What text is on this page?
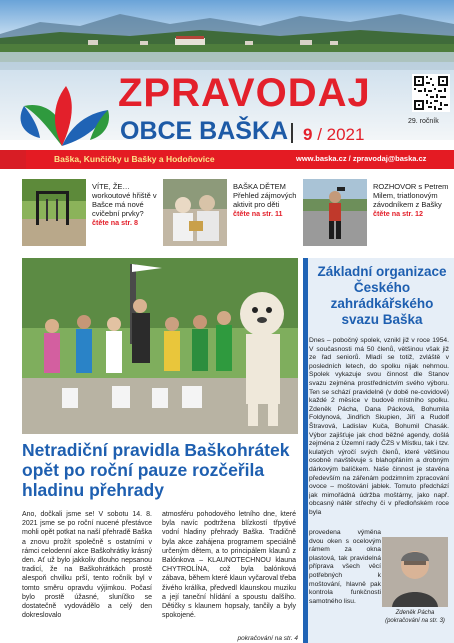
ZPRAVODAJ
OBCE BAŠKA 9 / 2021
29. ročník
Baška, Kunčičky u Bašky a Hodoňovice	www.baska.cz / zpravodaj@baska.cz
VÍTE, ŽE… workoutové hřiště v Bašce má nové cvičební prvky?
čtěte na str. 8
BAŠKA DĚTEM Přehled zájmových aktivit pro děti
čtěte na str. 11
ROZHOVOR s Petrem Milem, triatlonovým závodníkem z Bašky
čtěte na str. 12
Netradiční pravidla Baškohrátek opět po roční pauze rozčeřila hladinu přehrady
Ano, dočkali jsme se! V sobotu 14. 8. 2021 jsme se po roční nucené přestávce mohli opět potkat na naší přehradě Baška a znovu prožít společně s ostatními v rámci celodenní akce Baškohrátky krásný den. Ať už bylo jakkoliv dlouho nepsanou tradicí, že na Baškohrátkách prostě alespoň chvilku prší, tento ročník byl v tomto směru opravdu výjimkou. Počasí bylo prostě úžasné, sluníčko se dostatečně vydovádělo a celý den dokreslovalo
atmosféru pohodového letního dne, které byla navíc podtržena blízkostí třpytivé vodní hladiny přehrady Baška. Tradičně byla akce zahájena programem speciálně určeným dětem, a to principálem klaunů z Balónkova – KLAUNOTECHNOU klauna CHYTROLÍNA, což byla balónková zábava, během které klaun vyčaroval třeba živého králíka, předvedl klaunskou muziku a její taneční hlídání a spoustu dalšího. Dětičky s klaunem hopsaly, tančily a byly spokojené.
pokračování na str. 4
Základní organizace Českého zahrádkářského svazu Baška
Dnes – pobočný spolek, vznikl již v roce 1954. V současnosti má 50 členů, většinou však již ze řad seniorů. Mladí se totiž, zvláště v posledních letech, do spolku nijak nehrnou. Spolek vykazuje svou činnost dle Stanov svazu zejména prostřednictvím svého výboru. Ten se schází pravidelně (v době ne-covidové) každé 2 měsíce v budově místního spolku. Zdeněk Pácha, Dana Pácková, Bohumila Foldynová, Jindřich Skupien, Jiří a Rudolf Štravová, Ladislav Kuča, Bohumil Chasák. Výbor zajišťuje jak chod běžné agendy, došlá zejména z Územní rady ČZS v Místku, tak i tzv. kulatých výročí svých členů, které většinou osobně navštěvuje s blahopřáním a drobným dárkovým balíčkem. Naše činnost je stavěna především na zářenám podzimním zpracování ovoce – moštování jablek. Tomuto předchází jak mimořádná údržba moštárny, jako např. obcasný nátěr střechy či v předloňském roce byla
provedena výměna dvou oken s ocelovým rámem za okna plastová, tak pravidelná příprava všech věcí potřebných k moštování, hlavně pak kontrola funkčnosti samotného lisu.
Zdeněk Pácha (pokračování na str. 3)
